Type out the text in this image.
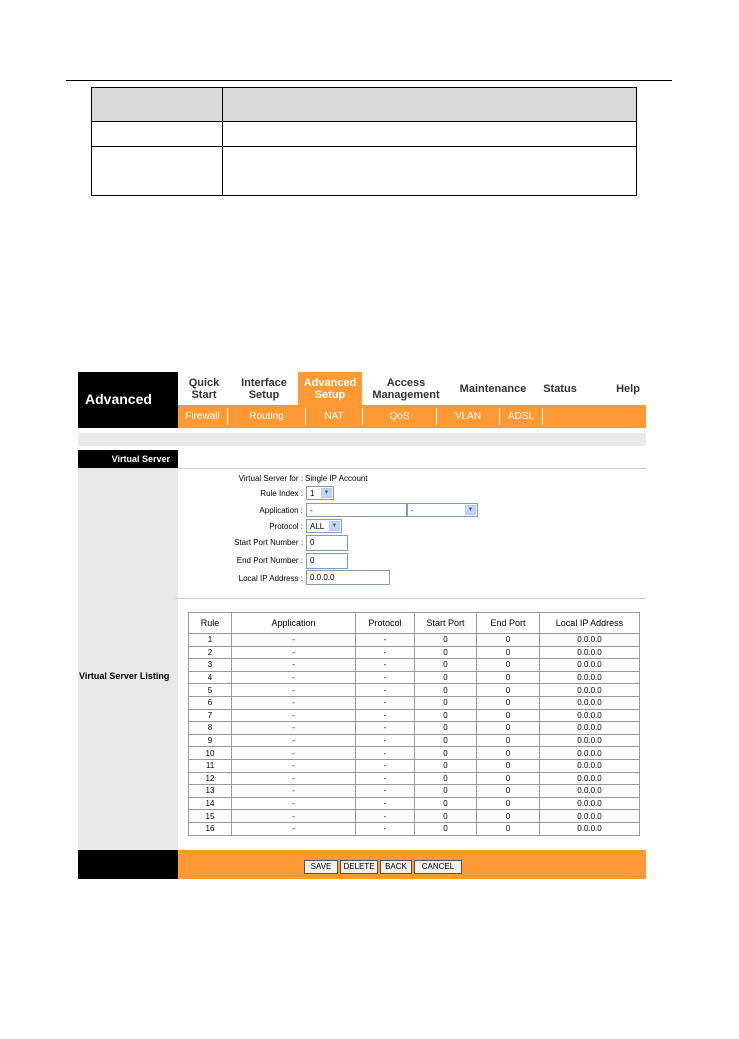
Advanced
Quick
Start
Interface
Setup
Advanced
Setup
Access
Management	Maintenance	Status	Help
Firewall	Routing	NAT	QoS	VLAN	ADSL
Virtual Server
Virtual Server Listing
Virtual Server for : Single IP Account
Rule Index : 1	▼
Application : -	-	▼
Protocol : ALL	▼
Start Port Number : 0
End Port Number : 0
Local IP Address : 0.0.0.0
Rule	Application	Protocol	Start Port	End Port	Local IP Address
1	-	-	0	0	0.0.0.0
2	-	-	0	0	0.0.0.0
3	-	-	0	0	0.0.0.0
4	-	-	0	0	0.0.0.0
5	-	-	0	0	0.0.0.0
6	-	-	0	0	0.0.0.0
7	-	-	0	0	0.0.0.0
8	-	-	0	0	0.0.0.0
9	-	-	0	0	0.0.0.0
10	-	-	0	0	0.0.0.0
11	-	-	0	0	0.0.0.0
12	-	-	0	0	0.0.0.0
13	-	-	0	0	0.0.0.0
14	-	-	0	0	0.0.0.0
15	-	-	0	0	0.0.0.0
16	-	-	0	0	0.0.0.0
SAVE	DELETE	BACK	CANCEL
